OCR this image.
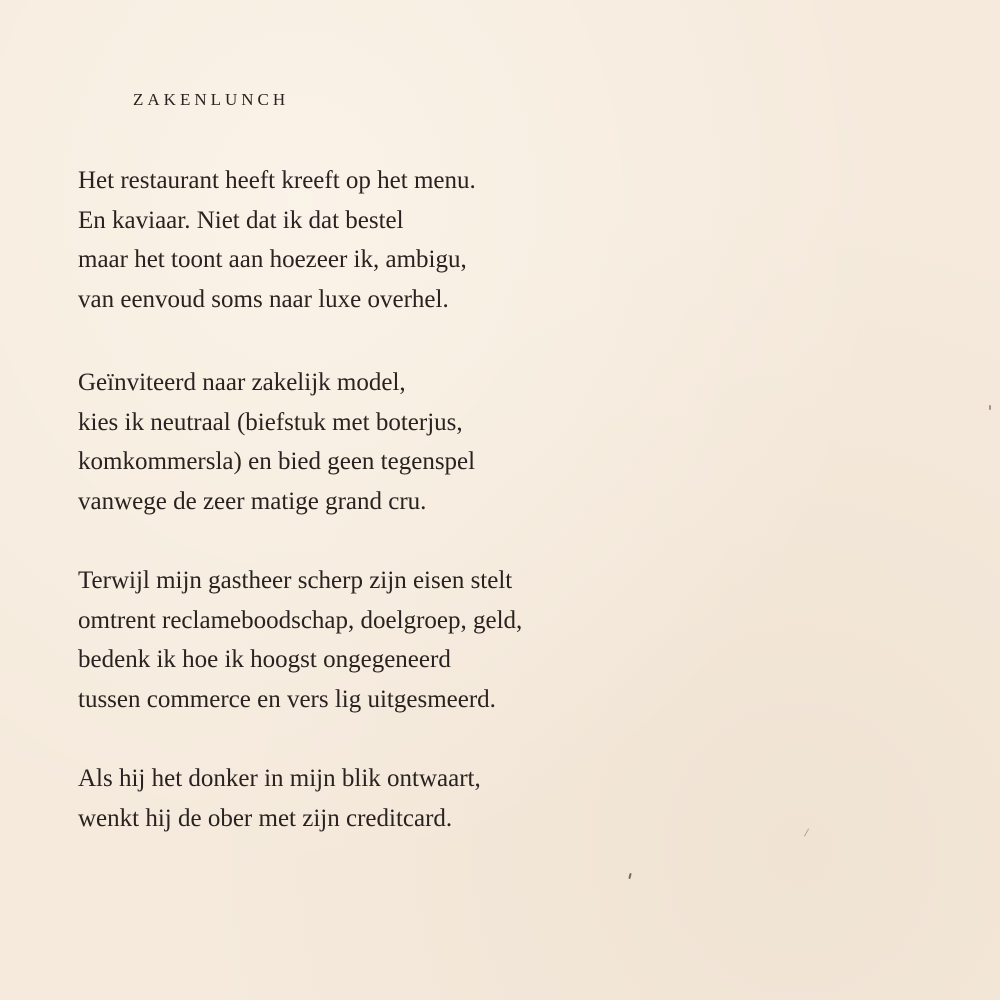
ZAKENLUNCH

Het restaurant heeft kreeft op het menu.
En kaviaar. Niet dat ik dat bestel
maar het toont aan hoezeer ik, ambigu,
van eenvoud soms naar luxe overhel.

Geïnviteerd naar zakelijk model,
kies ik neutraal (biefstuk met boterjus,
komkommersla) en bied geen tegenspel
vanwege de zeer matige grand cru.

Terwijl mijn gastheer scherp zijn eisen stelt
omtrent reclameboodschap, doelgroep, geld,
bedenk ik hoe ik hoogst ongegeneerd
tussen commerce en vers lig uitgesmeerd.

Als hij het donker in mijn blik ontwaart,
wenkt hij de ober met zijn creditcard.
